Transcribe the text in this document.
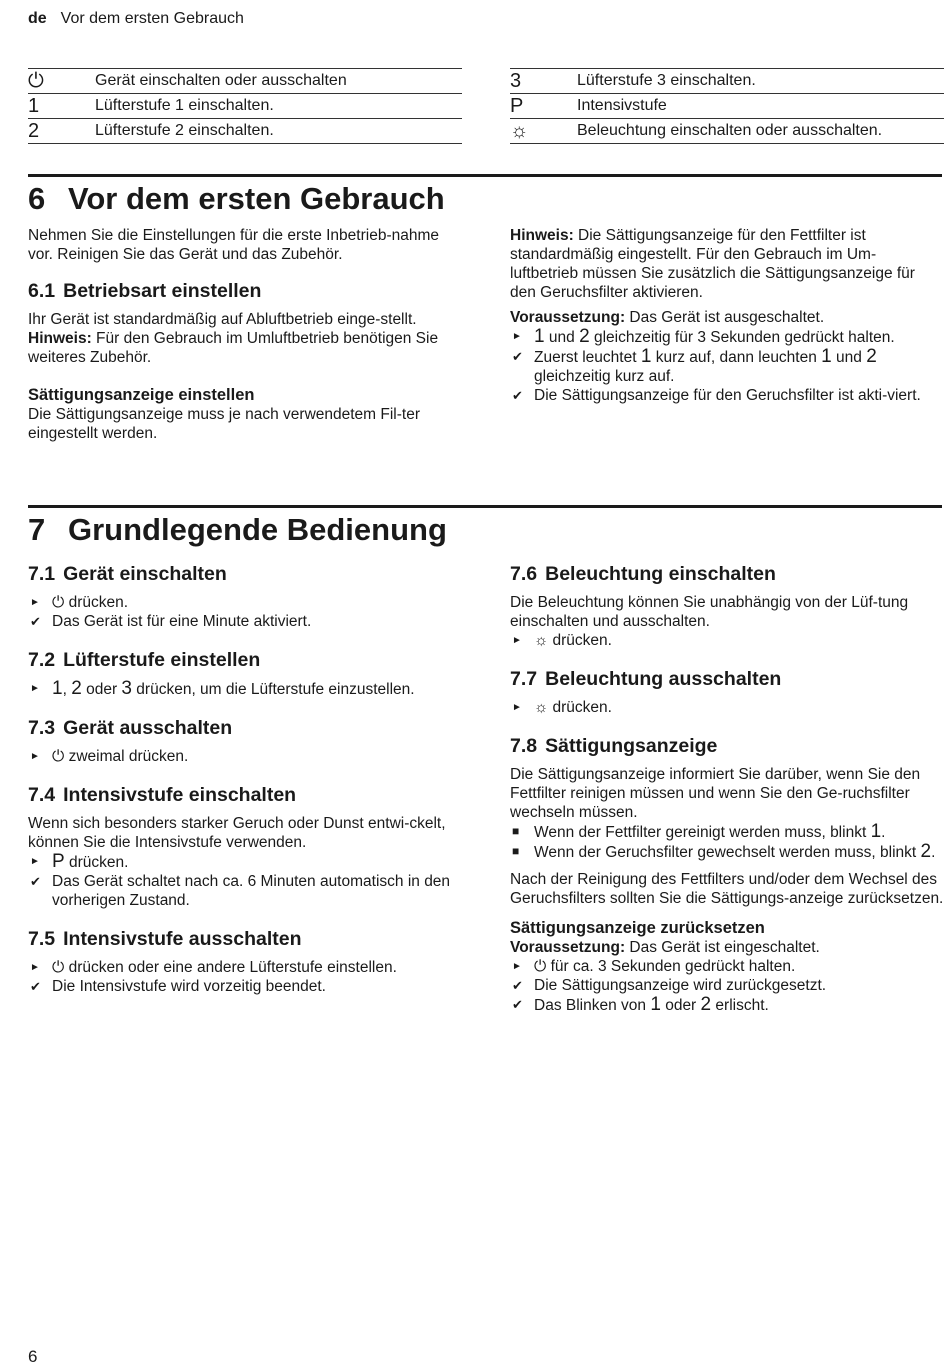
de Vor dem ersten Gebrauch
⏻	Gerät einschalten oder ausschalten
1	Lüfterstufe 1 einschalten.
2	Lüfterstufe 2 einschalten.
3	Lüfterstufe 3 einschalten.
P	Intensivstufe
☼	Beleuchtung einschalten oder ausschalten.
6 Vor dem ersten Gebrauch

Nehmen Sie die Einstellungen für die erste Inbetrieb-nahme vor. Reinigen Sie das Gerät und das Zubehör.

6.1 Betriebsart einstellen

Ihr Gerät ist standardmäßig auf Abluftbetrieb einge-stellt.

Hinweis: Für den Gebrauch im Umluftbetrieb benötigen Sie weiteres Zubehör.

Sättigungsanzeige einstellen

Die Sättigungsanzeige muss je nach verwendetem Fil-ter eingestellt werden.

Hinweis: Die Sättigungsanzeige für den Fettfilter ist standardmäßig eingestellt. Für den Gebrauch im Um-luftbetrieb müssen Sie zusätzlich die Sättigungsanzeige für den Geruchsfilter aktivieren.

Voraussetzung: Das Gerät ist ausgeschaltet.

► 1 und 2 gleichzeitig für 3 Sekunden gedrückt halten.
✔ Zuerst leuchtet 1 kurz auf, dann leuchten 1 und 2 gleichzeitig kurz auf.
✔ Die Sättigungsanzeige für den Geruchsfilter ist akti-viert.
7 Grundlegende Bedienung
7.1 Gerät einschalten
► ⏻ drücken.
✔ Das Gerät ist für eine Minute aktiviert.
7.2 Lüfterstufe einstellen
► 1, 2 oder 3 drücken, um die Lüfterstufe einzustellen.
7.3 Gerät ausschalten
► ⏻ zweimal drücken.
7.4 Intensivstufe einschalten

Wenn sich besonders starker Geruch oder Dunst entwi-ckelt, können Sie die Intensivstufe verwenden.

► P drücken.
✔ Das Gerät schaltet nach ca. 6 Minuten automatisch in den vorherigen Zustand.
7.5 Intensivstufe ausschalten
► ⏻ drücken oder eine andere Lüfterstufe einstellen.
✔ Die Intensivstufe wird vorzeitig beendet.
7.6 Beleuchtung einschalten

Die Beleuchtung können Sie unabhängig von der Lüf-tung einschalten und ausschalten.

► ☼ drücken.
7.7 Beleuchtung ausschalten
► ☼ drücken.
7.8 Sättigungsanzeige

Die Sättigungsanzeige informiert Sie darüber, wenn Sie den Fettfilter reinigen müssen und wenn Sie den Ge-ruchsfilter wechseln müssen.

■ Wenn der Fettfilter gereinigt werden muss, blinkt 1.
■ Wenn der Geruchsfilter gewechselt werden muss, blinkt 2.

Nach der Reinigung des Fettfilters und/oder dem Wechsel des Geruchsfilters sollten Sie die Sättigungs-anzeige zurücksetzen.

Sättigungsanzeige zurücksetzen

Voraussetzung: Das Gerät ist eingeschaltet.

► ⏻ für ca. 3 Sekunden gedrückt halten.
✔ Die Sättigungsanzeige wird zurückgesetzt.
✔ Das Blinken von 1 oder 2 erlischt.
6
